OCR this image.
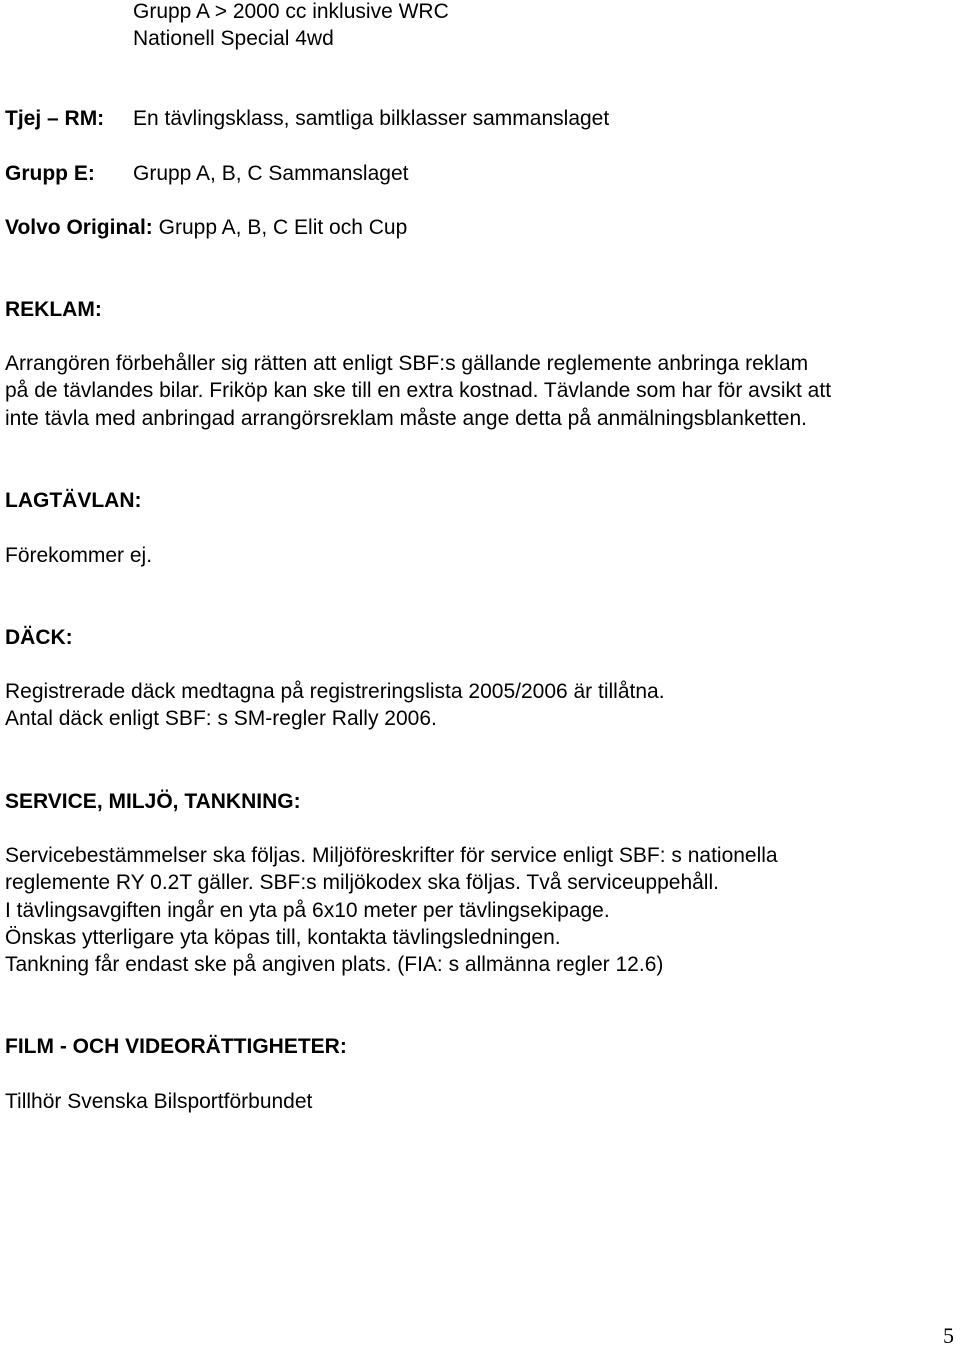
Grupp A > 2000 cc inklusive WRC
Nationell Special 4wd
Tjej – RM: En tävlingsklass, samtliga bilklasser sammanslaget
Grupp E: Grupp A, B, C Sammanslaget
Volvo Original: Grupp A, B, C Elit och Cup
REKLAM:
Arrangören förbehåller sig rätten att enligt SBF:s gällande reglemente anbringa reklam
på de tävlandes bilar. Friköp kan ske till en extra kostnad. Tävlande som har för avsikt att
inte tävla med anbringad arrangörsreklam måste ange detta på anmälningsblanketten.
LAGTÄVLAN:
Förekommer ej.
DÄCK:
Registrerade däck medtagna på registreringslista 2005/2006 är tillåtna.
Antal däck enligt SBF: s SM-regler Rally 2006.
SERVICE, MILJÖ, TANKNING:
Servicebestämmelser ska följas. Miljöföreskrifter för service enligt SBF: s nationella
reglemente RY 0.2T gäller. SBF:s miljökodex ska följas. Två serviceuppehåll.
I tävlingsavgiften ingår en yta på 6x10 meter per tävlingsekipage.
Önskas ytterligare yta köpas till, kontakta tävlingsledningen.
Tankning får endast ske på angiven plats. (FIA: s allmänna regler 12.6)
FILM - OCH VIDEORÄTTIGHETER:
Tillhör Svenska Bilsportförbundet
5
